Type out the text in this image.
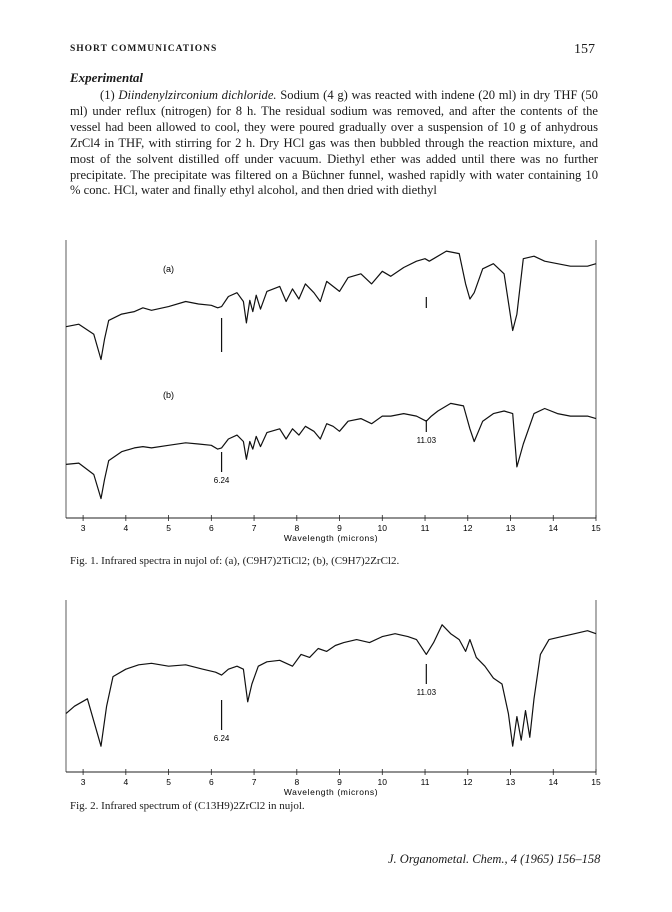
SHORT COMMUNICATIONS	157
Experimental
(1) Diindenylzirconium dichloride. Sodium (4 g) was reacted with indene (20 ml) in dry THF (50 ml) under reflux (nitrogen) for 8 h. The residual sodium was removed, and after the contents of the vessel had been allowed to cool, they were poured gradually over a suspension of 10 g of anhydrous ZrCl4 in THF, with stirring for 2 h. Dry HCl gas was then bubbled through the reaction mixture, and most of the solvent distilled off under vacuum. Diethyl ether was added until there was no further precipitate. The precipitate was filtered on a Büchner funnel, washed rapidly with water containing 10 % conc. HCl, water and finally ethyl alcohol, and then dried with diethyl
3	4	5	6	7	8	9	10	11	12	13	14	15
Wavelength (microns)
(a)
(b)
11.03
6.24
3	4	5	6	7	8	9	10	11	12	13	14	15
Wavelength (microns)
11.03
6.24
Fig. 1. Infrared spectra in nujol of: (a), (C9H7)2TiCl2; (b), (C9H7)2ZrCl2.
Fig. 2. Infrared spectrum of (C13H9)2ZrCl2 in nujol.
J. Organometal. Chem., 4 (1965) 156–158
